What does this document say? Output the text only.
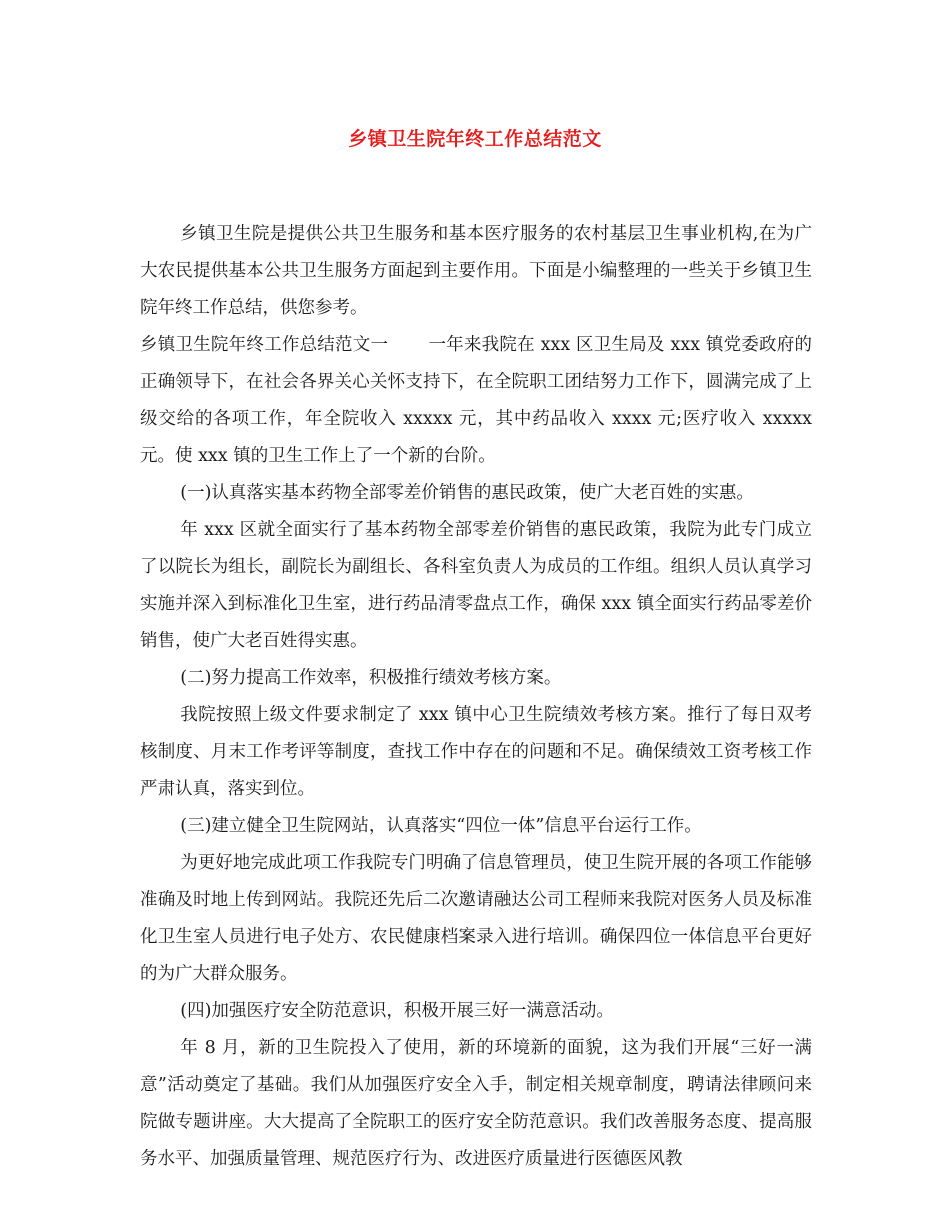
乡镇卫生院年终工作总结范文

乡镇卫生院是提供公共卫生服务和基本医疗服务的农村基层卫生事业机构,在为广大农民提供基本公共卫生服务方面起到主要作用。下面是小编整理的一些关于乡镇卫生院年终工作总结，供您参考。

乡镇卫生院年终工作总结范文一 一年来我院在 xxx 区卫生局及 xxx 镇党委政府的正确领导下，在社会各界关心关怀支持下，在全院职工团结努力工作下，圆满完成了上级交给的各项工作，年全院收入 xxxxx 元，其中药品收入 xxxx 元;医疗收入 xxxxx 元。使 xxx 镇的卫生工作上了一个新的台阶。

(一)认真落实基本药物全部零差价销售的惠民政策，使广大老百姓的实惠。

年 xxx 区就全面实行了基本药物全部零差价销售的惠民政策，我院为此专门成立了以院长为组长，副院长为副组长、各科室负责人为成员的工作组。组织人员认真学习实施并深入到标准化卫生室，进行药品清零盘点工作，确保 xxx 镇全面实行药品零差价销售，使广大老百姓得实惠。

(二)努力提高工作效率，积极推行绩效考核方案。

我院按照上级文件要求制定了 xxx 镇中心卫生院绩效考核方案。推行了每日双考核制度、月末工作考评等制度，查找工作中存在的问题和不足。确保绩效工资考核工作严肃认真，落实到位。

(三)建立健全卫生院网站，认真落实“四位一体”信息平台运行工作。

为更好地完成此项工作我院专门明确了信息管理员，使卫生院开展的各项工作能够准确及时地上传到网站。我院还先后二次邀请融达公司工程师来我院对医务人员及标准化卫生室人员进行电子处方、农民健康档案录入进行培训。确保四位一体信息平台更好的为广大群众服务。

(四)加强医疗安全防范意识，积极开展三好一满意活动。

年 8 月，新的卫生院投入了使用，新的环境新的面貌，这为我们开展“三好一满意”活动奠定了基础。我们从加强医疗安全入手，制定相关规章制度，聘请法律顾问来院做专题讲座。大大提高了全院职工的医疗安全防范意识。我们改善服务态度、提高服务水平、加强质量管理、规范医疗行为、改进医疗质量进行医德医风教
